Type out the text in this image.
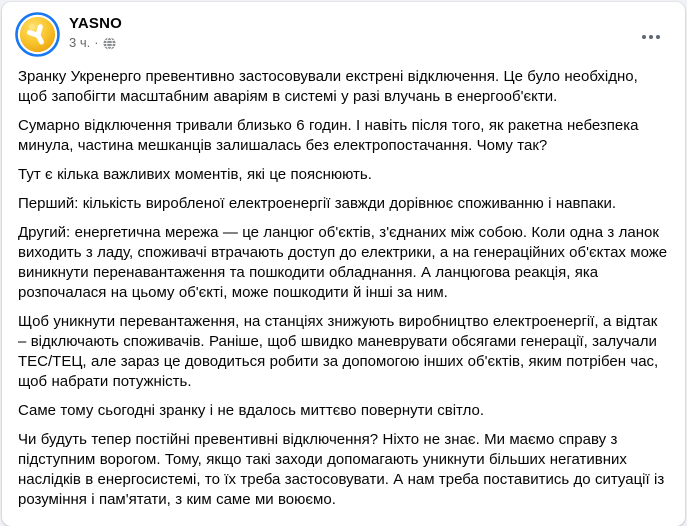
YASNO
3 ч. ·

Зранку Укренерго превентивно застосовували екстрені відключення. Це було необхідно, щоб запобігти масштабним аваріям в системі у разі влучань в енергооб'єкти.

Сумарно відключення тривали близько 6 годин. І навіть після того, як ракетна небезпека минула, частина мешканців залишалась без електропостачання. Чому так?

Тут є кілька важливих моментів, які це пояснюють.

Перший: кількість виробленої електроенергії завжди дорівнює споживанню і навпаки.

Другий: енергетична мережа — це ланцюг об'єктів, з'єднаних між собою. Коли одна з ланок виходить з ладу, споживачі втрачають доступ до електрики, а на генераційних об'єктах може виникнути перенавантаження та пошкодити обладнання. А ланцюгова реакція, яка розпочалася на цьому об'єкті, може пошкодити й інші за ним.

Щоб уникнути перевантаження, на станціях знижують виробництво електроенергії, а відтак – відключають споживачів. Раніше, щоб швидко маневрувати обсягами генерації, залучали ТЕС/ТЕЦ, але зараз це доводиться робити за допомогою інших об'єктів, яким потрібен час, щоб набрати потужність.

Саме тому сьогодні зранку і не вдалось миттєво повернути світло.

Чи будуть тепер постійні превентивні відключення? Ніхто не знає. Ми маємо справу з підступним ворогом. Тому, якщо такі заходи допомагають уникнути більших негативних наслідків в енергосистемі, то їх треба застосовувати. А нам треба поставитись до ситуації із розуміння і пам'ятати, з ким саме ми воюємо.
